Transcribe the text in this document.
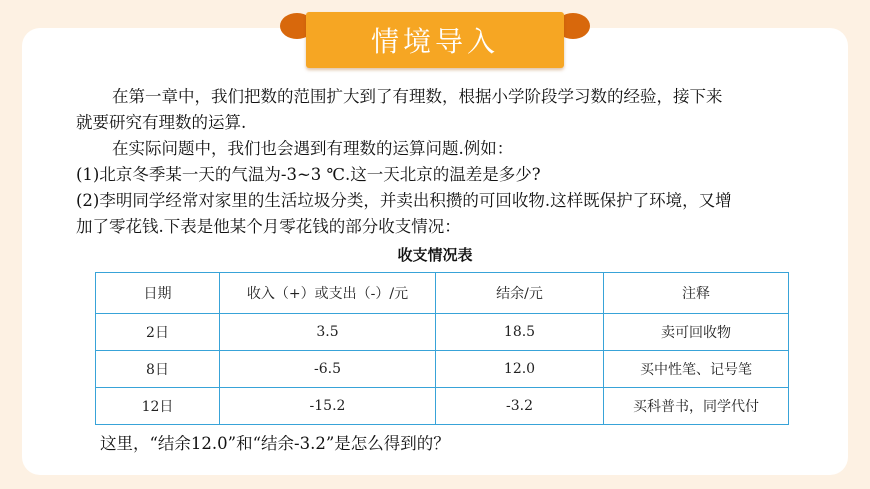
情境导入
在第一章中，我们把数的范围扩大到了有理数，根据小学阶段学习数的经验，接下来
就要研究有理数的运算.
在实际问题中，我们也会遇到有理数的运算问题.例如：
(1)北京冬季某一天的气温为-3~3 ℃.这一天北京的温差是多少?
(2)李明同学经常对家里的生活垃圾分类，并卖出积攒的可回收物.这样既保护了环境，又增
加了零花钱.下表是他某个月零花钱的部分收支情况：
收支情况表
日期	收入（+）或支出（-）/元	结余/元	注释
2日	3.5	18.5	卖可回收物
8日	-6.5	12.0	买中性笔、记号笔
12日	-15.2	-3.2	买科普书，同学代付
这里，“结余12.0”和“结余-3.2”是怎么得到的？
